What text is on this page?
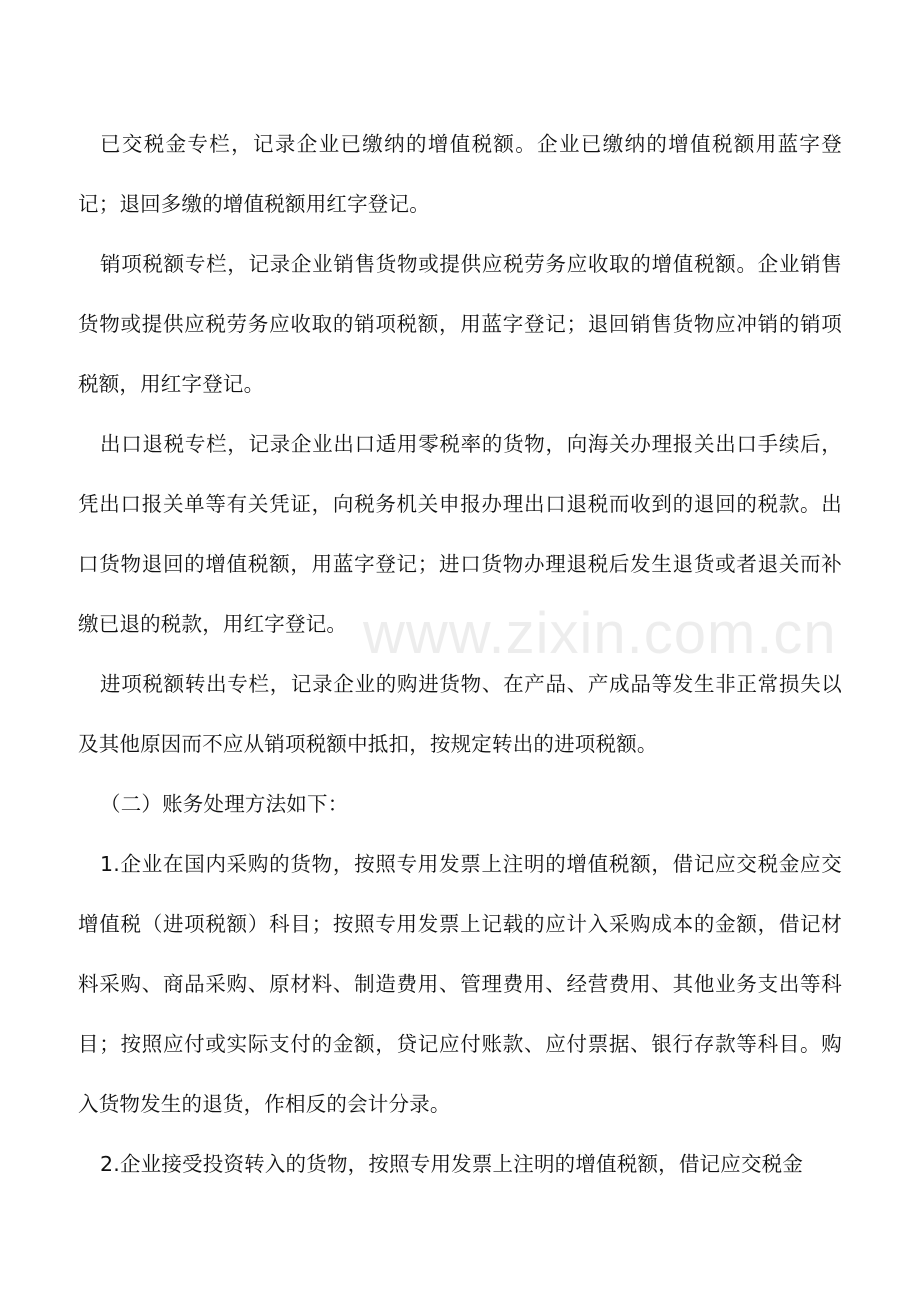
已交税金专栏，记录企业已缴纳的增值税额。企业已缴纳的增值税额用蓝字登记；退回多缴的增值税额用红字登记。

销项税额专栏，记录企业销售货物或提供应税劳务应收取的增值税额。企业销售货物或提供应税劳务应收取的销项税额，用蓝字登记；退回销售货物应冲销的销项税额，用红字登记。

出口退税专栏，记录企业出口适用零税率的货物，向海关办理报关出口手续后，凭出口报关单等有关凭证，向税务机关申报办理出口退税而收到的退回的税款。出口货物退回的增值税额，用蓝字登记；进口货物办理退税后发生退货或者退关而补缴已退的税款，用红字登记。

进项税额转出专栏，记录企业的购进货物、在产品、产成品等发生非正常损失以及其他原因而不应从销项税额中抵扣，按规定转出的进项税额。

（二）账务处理方法如下：

1.企业在国内采购的货物，按照专用发票上注明的增值税额，借记应交税金应交增值税（进项税额）科目；按照专用发票上记载的应计入采购成本的金额，借记材料采购、商品采购、原材料、制造费用、管理费用、经营费用、其他业务支出等科目；按照应付或实际支付的金额，贷记应付账款、应付票据、银行存款等科目。购入货物发生的退货，作相反的会计分录。

2.企业接受投资转入的货物，按照专用发票上注明的增值税额，借记应交税金

www.zixin.com.cn
